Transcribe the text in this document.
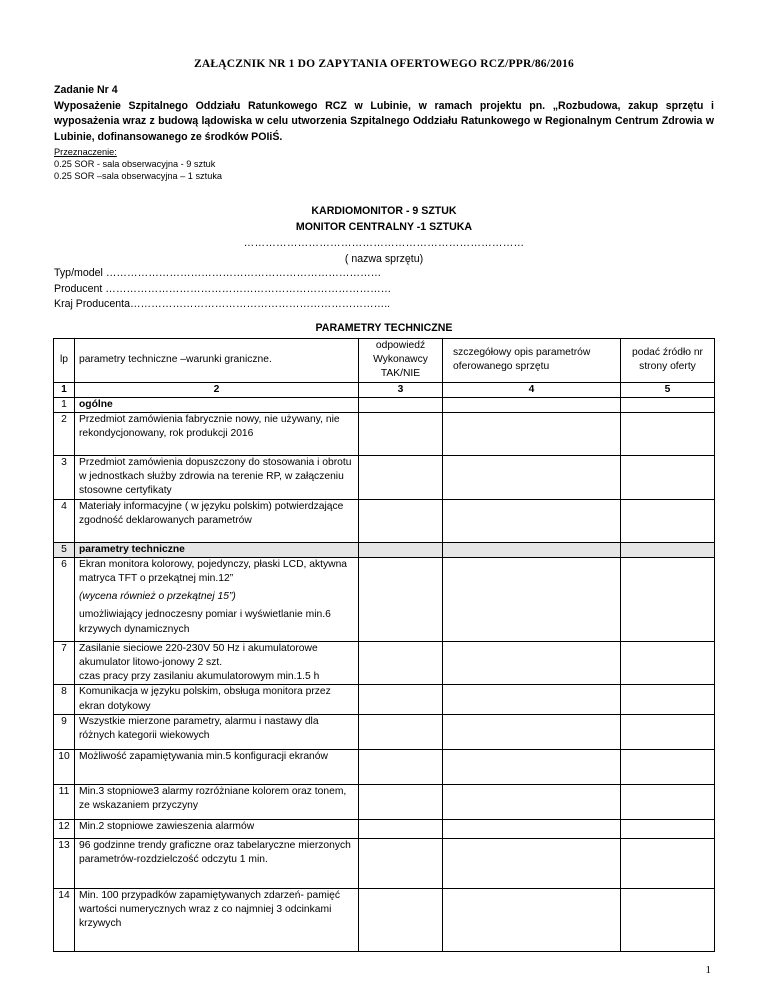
ZAŁĄCZNIK NR 1 DO ZAPYTANIA OFERTOWEGO RCZ/PPR/86/2016
Zadanie Nr 4
Wyposażenie Szpitalnego Oddziału Ratunkowego RCZ w Lubinie, w ramach projektu pn. „Rozbudowa, zakup sprzętu i wyposażenia wraz z budową lądowiska w celu utworzenia Szpitalnego Oddziału Ratunkowego w Regionalnym Centrum Zdrowia w Lubinie, dofinansowanego ze środków POIiŚ.
Przeznaczenie:
0.25 SOR - sala obserwacyjna - 9 sztuk
0.25 SOR –sala obserwacyjna – 1 sztuka
KARDIOMONITOR - 9 SZTUK
MONITOR CENTRALNY -1 SZTUKA
……………………………………………………………………
( nazwa sprzętu)
Typ/model ……………………………………………………………………
Producent ………………………………………………………………………
Kraj Producenta………………………………………………………………..
PARAMETRY TECHNICZNE
lp	parametry techniczne –warunki graniczne.	odpowiedź Wykonawcy TAK/NIE	szczegółowy opis parametrów oferowanego sprzętu	podać źródło nr strony oferty
1	2	3	4	5
1	ogólne			

2	Przedmiot zamówienia fabrycznie nowy, nie używany, nie rekondycjonowany, rok produkcji 2016			

3	Przedmiot zamówienia dopuszczony do stosowania i obrotu w jednostkach służby zdrowia na terenie RP, w załączeniu stosowne certyfikaty			

4	Materiały informacyjne ( w języku polskim) potwierdzające zgodność deklarowanych parametrów			

5	parametry techniczne			

6	Ekran monitora kolorowy, pojedynczy, płaski LCD, aktywna matryca TFT o przekątnej min.12”
(wycena również o przekątnej 15”)
umożliwiający jednoczesny pomiar i wyświetlanie min.6 krzywych dynamicznych			

7	Zasilanie sieciowe 220-230V 50 Hz i akumulatorowe akumulator litowo-jonowy 2 szt.
czas pracy przy zasilaniu akumulatorowym min.1.5 h			

8	Komunikacja w języku polskim, obsługa monitora przez ekran dotykowy			

9	Wszystkie mierzone parametry, alarmu i nastawy dla różnych kategorii wiekowych			

10	Możliwość zapamiętywania min.5 konfiguracji ekranów			

11	Min.3 stopniowe3 alarmy rozróżniane kolorem oraz tonem, ze wskazaniem przyczyny			

12	Min.2 stopniowe zawieszenia alarmów			

13	96 godzinne trendy graficzne oraz tabelaryczne mierzonych parametrów-rozdzielczość odczytu 1 min.			

14	Min. 100 przypadków zapamiętywanych zdarzeń- pamięć wartości numerycznych wraz z co najmniej 3 odcinkami krzywych			

1
